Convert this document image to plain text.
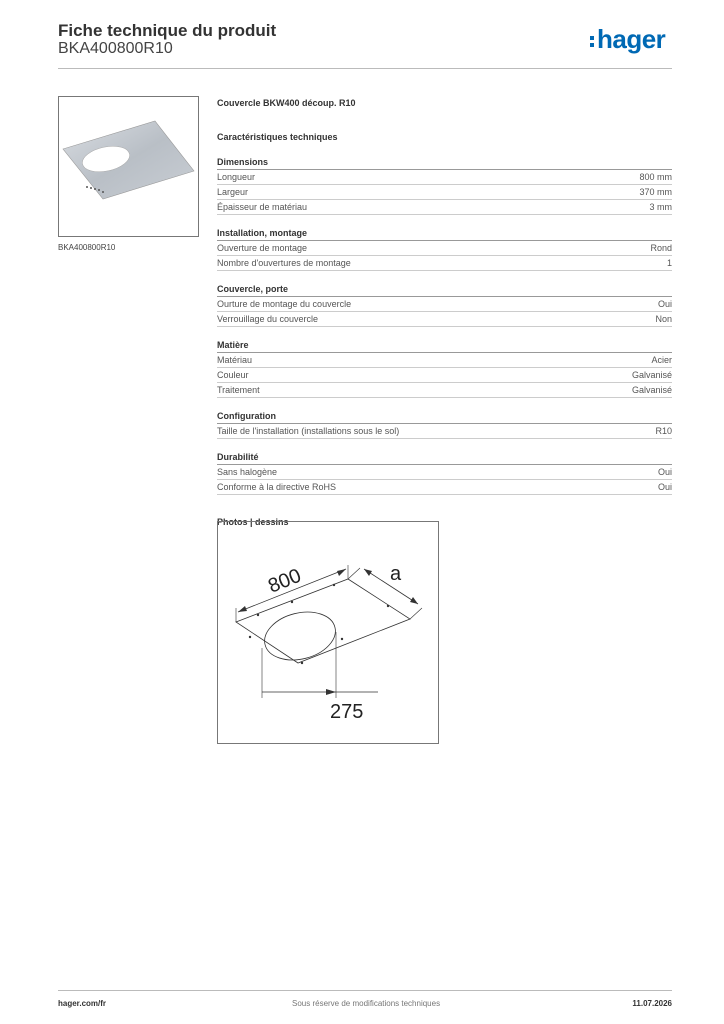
Fiche technique du produit
BKA400800R10	hager
BKA400800R10
Couvercle BKW400 découp. R10
Caractéristiques techniques
Dimensions
Longueur	800 mm
Largeur	370 mm
Épaisseur de matériau	3 mm
Installation, montage
Ouverture de montage	Rond
Nombre d'ouvertures de montage	1
Couvercle, porte
Ourture de montage du couvercle	Oui
Verrouillage du couvercle	Non
Matière
Matériau	Acier
Couleur	Galvanisé
Traitement	Galvanisé
Configuration
Taille de l'installation (installations sous le sol)	R10
Durabilité
Sans halogène	Oui
Conforme à la directive RoHS	Oui
Photos | dessins
800	a
275
hager.com/fr	Sous réserve de modifications techniques	11.07.2026
